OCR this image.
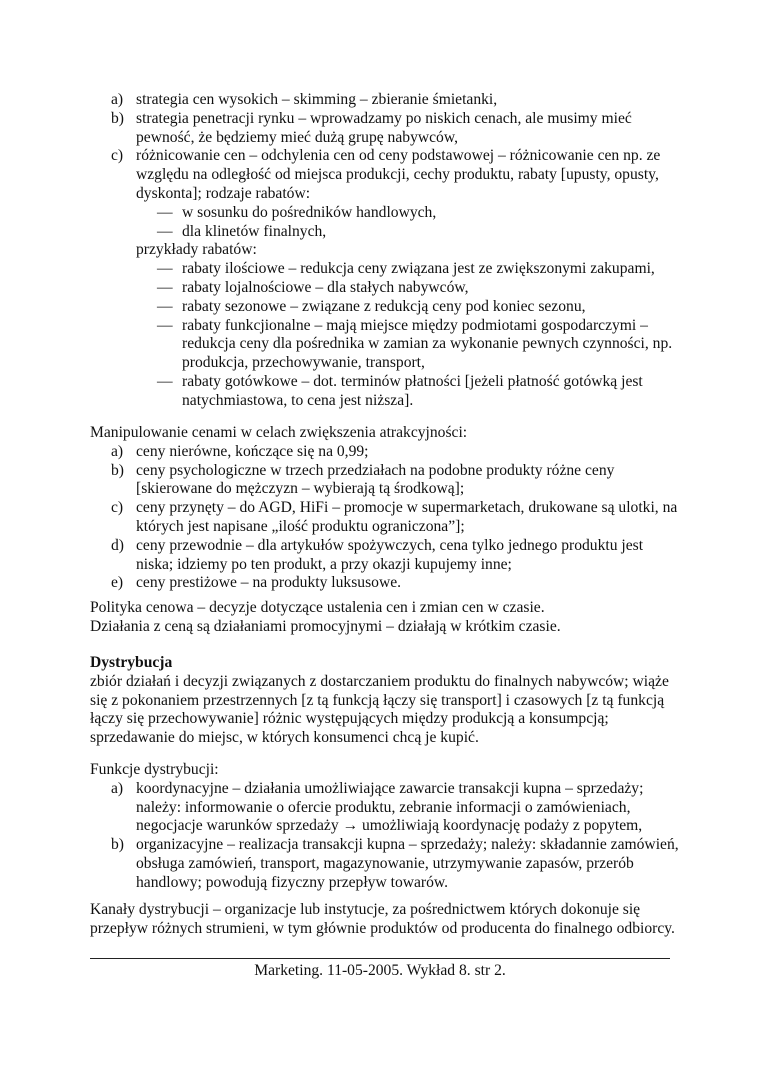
a) strategia cen wysokich – skimming – zbieranie śmietanki,
b) strategia penetracji rynku – wprowadzamy po niskich cenach, ale musimy mieć pewność, że będziemy mieć dużą grupę nabywców,
c) różnicowanie cen – odchylenia cen od ceny podstawowej – różnicowanie cen np. ze względu na odległość od miejsca produkcji, cechy produktu, rabaty [upusty, opusty, dyskonta]; rodzaje rabatów:
— w sosunku do pośredników handlowych,
— dla klinetów finalnych,
przykłady rabatów:
— rabaty ilościowe – redukcja ceny związana jest ze zwiększonymi zakupami,
— rabaty lojalnościowe – dla stałych nabywców,
— rabaty sezonowe – związane z redukcją ceny pod koniec sezonu,
— rabaty funkcjionalne – mają miejsce między podmiotami gospodarczymi – redukcja ceny dla pośrednika w zamian za wykonanie pewnych czynności, np. produkcja, przechowywanie, transport,
— rabaty gotówkowe – dot. terminów płatności [jeżeli płatność gotówką jest natychmiastowa, to cena jest niższa].
Manipulowanie cenami w celach zwiększenia atrakcyjności:
a) ceny nierówne, kończące się na 0,99;
b) ceny psychologiczne w trzech przedziałach na podobne produkty różne ceny [skierowane do mężczyzn – wybierają tą środkową];
c) ceny przynęty – do AGD, HiFi – promocje w supermarketach, drukowane są ulotki, na których jest napisane „ilość produktu ograniczona”];
d) ceny przewodnie – dla artykułów spożywczych, cena tylko jednego produktu jest niska; idziemy po ten produkt, a przy okazji kupujemy inne;
e) ceny prestiżowe – na produkty luksusowe.
Polityka cenowa – decyzje dotyczące ustalenia cen i zmian cen w czasie.
Działania z ceną są działaniami promocyjnymi – działają w krótkim czasie.
Dystrybucja
zbiór działań i decyzji związanych z dostarczaniem produktu do finalnych nabywców; wiąże się z pokonaniem przestrzennych [z tą funkcją łączy się transport] i czasowych [z tą funkcją łączy się przechowywanie] różnic występujących między produkcją a konsumpcją; sprzedawanie do miejsc, w których konsumenci chcą je kupić.
Funkcje dystrybucji:
a) koordynacyjne – działania umożliwiające zawarcie transakcji kupna – sprzedaży; należy: informowanie o ofercie produktu, zebranie informacji o zamówieniach, negocjacje warunków sprzedaży → umożliwiają koordynację podaży z popytem,
b) organizacyjne – realizacja transakcji kupna – sprzedaży; należy: składannie zamówień, obsługa zamówień, transport, magazynowanie, utrzymywanie zapasów, przerób handlowy; powodują fizyczny przepływ towarów.
Kanały dystrybucji – organizacje lub instytucje, za pośrednictwem których dokonuje się przepływ różnych strumieni, w tym głównie produktów od producenta do finalnego odbiorcy.
Marketing. 11-05-2005. Wykład 8. str 2.
